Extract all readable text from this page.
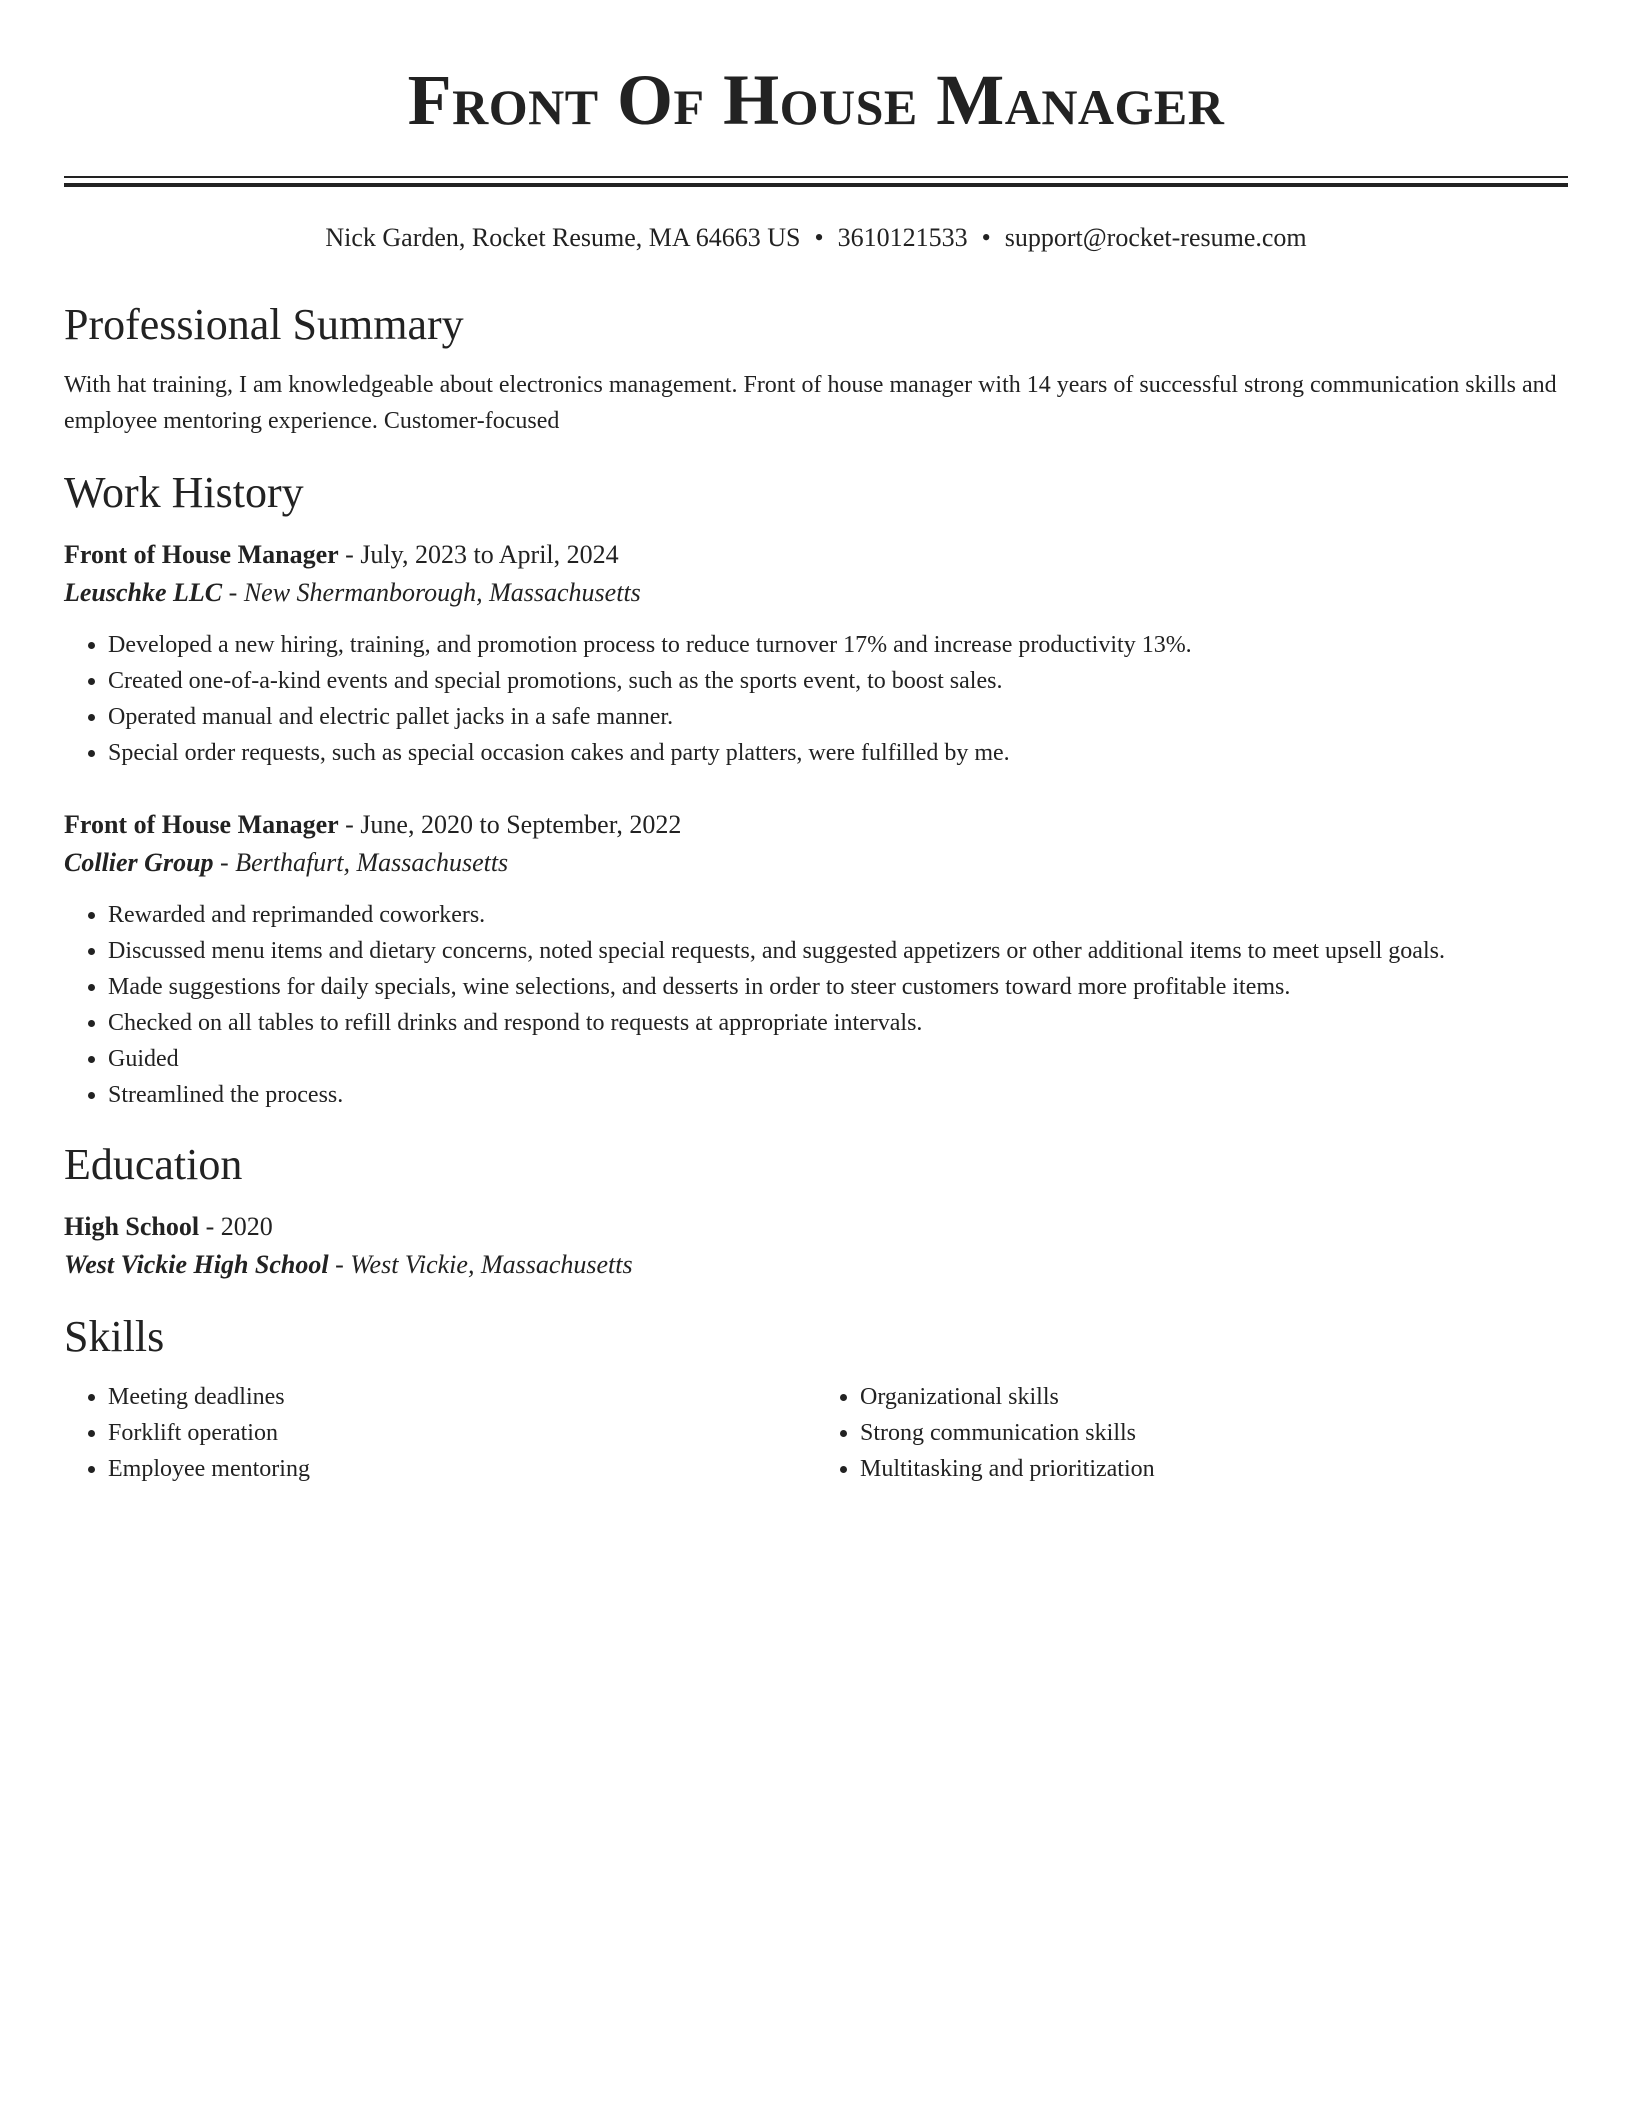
Front Of House Manager
Nick Garden, Rocket Resume, MA 64663 US • 3610121533 • support@rocket-resume.com
Professional Summary

With hat training, I am knowledgeable about electronics management. Front of house manager with 14 years of successful strong communication skills and employee mentoring experience. Customer-focused

Work History
Front of House Manager - July, 2023 to April, 2024
Leuschke LLC - New Shermanborough, Massachusetts
• Developed a new hiring, training, and promotion process to reduce turnover 17% and increase productivity 13%.
• Created one-of-a-kind events and special promotions, such as the sports event, to boost sales.
• Operated manual and electric pallet jacks in a safe manner.
• Special order requests, such as special occasion cakes and party platters, were fulfilled by me.
Front of House Manager - June, 2020 to September, 2022
Collier Group - Berthafurt, Massachusetts
• Rewarded and reprimanded coworkers.
• Discussed menu items and dietary concerns, noted special requests, and suggested appetizers or other additional items to meet upsell goals.
• Made suggestions for daily specials, wine selections, and desserts in order to steer customers toward more profitable items.
• Checked on all tables to refill drinks and respond to requests at appropriate intervals.
• Guided
• Streamlined the process.
Education
High School - 2020
West Vickie High School - West Vickie, Massachusetts
Skills
• Meeting deadlines
• Forklift operation
• Employee mentoring
• Organizational skills
• Strong communication skills
• Multitasking and prioritization
